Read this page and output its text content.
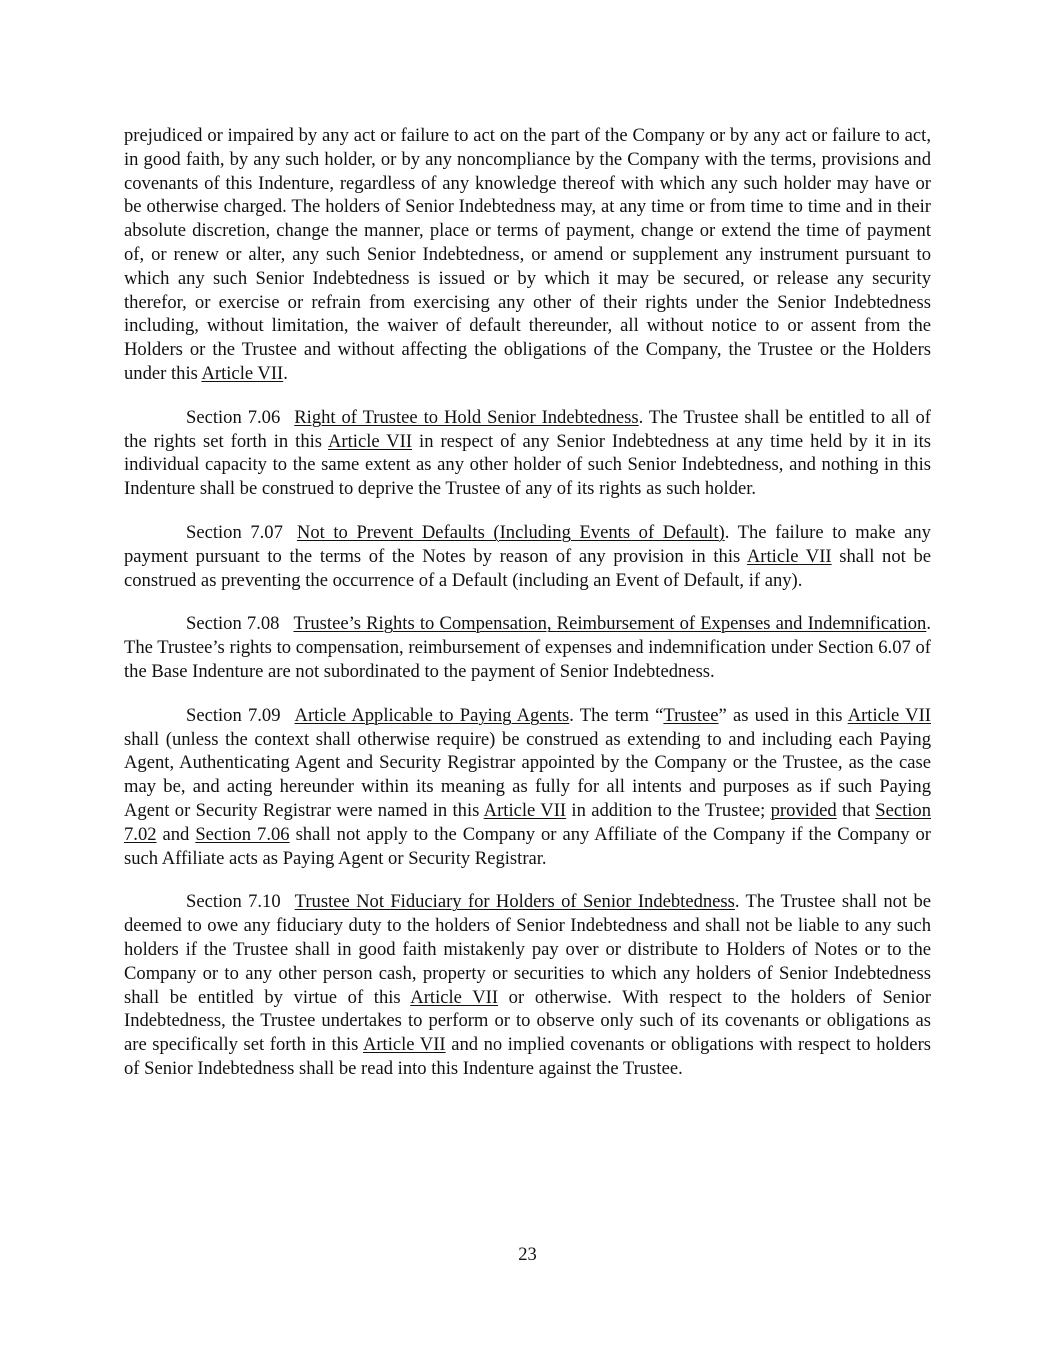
prejudiced or impaired by any act or failure to act on the part of the Company or by any act or failure to act, in good faith, by any such holder, or by any noncompliance by the Company with the terms, provisions and covenants of this Indenture, regardless of any knowledge thereof with which any such holder may have or be otherwise charged. The holders of Senior Indebtedness may, at any time or from time to time and in their absolute discretion, change the manner, place or terms of payment, change or extend the time of payment of, or renew or alter, any such Senior Indebtedness, or amend or supplement any instrument pursuant to which any such Senior Indebtedness is issued or by which it may be secured, or release any security therefor, or exercise or refrain from exercising any other of their rights under the Senior Indebtedness including, without limitation, the waiver of default thereunder, all without notice to or assent from the Holders or the Trustee and without affecting the obligations of the Company, the Trustee or the Holders under this Article VII.

Section 7.06 Right of Trustee to Hold Senior Indebtedness. The Trustee shall be entitled to all of the rights set forth in this Article VII in respect of any Senior Indebtedness at any time held by it in its individual capacity to the same extent as any other holder of such Senior Indebtedness, and nothing in this Indenture shall be construed to deprive the Trustee of any of its rights as such holder.

Section 7.07 Not to Prevent Defaults (Including Events of Default). The failure to make any payment pursuant to the terms of the Notes by reason of any provision in this Article VII shall not be construed as preventing the occurrence of a Default (including an Event of Default, if any).

Section 7.08 Trustee’s Rights to Compensation, Reimbursement of Expenses and Indemnification. The Trustee’s rights to compensation, reimbursement of expenses and indemnification under Section 6.07 of the Base Indenture are not subordinated to the payment of Senior Indebtedness.

Section 7.09 Article Applicable to Paying Agents. The term “Trustee” as used in this Article VII shall (unless the context shall otherwise require) be construed as extending to and including each Paying Agent, Authenticating Agent and Security Registrar appointed by the Company or the Trustee, as the case may be, and acting hereunder within its meaning as fully for all intents and purposes as if such Paying Agent or Security Registrar were named in this Article VII in addition to the Trustee; provided that Section 7.02 and Section 7.06 shall not apply to the Company or any Affiliate of the Company if the Company or such Affiliate acts as Paying Agent or Security Registrar.

Section 7.10 Trustee Not Fiduciary for Holders of Senior Indebtedness. The Trustee shall not be deemed to owe any fiduciary duty to the holders of Senior Indebtedness and shall not be liable to any such holders if the Trustee shall in good faith mistakenly pay over or distribute to Holders of Notes or to the Company or to any other person cash, property or securities to which any holders of Senior Indebtedness shall be entitled by virtue of this Article VII or otherwise. With respect to the holders of Senior Indebtedness, the Trustee undertakes to perform or to observe only such of its covenants or obligations as are specifically set forth in this Article VII and no implied covenants or obligations with respect to holders of Senior Indebtedness shall be read into this Indenture against the Trustee.

23
